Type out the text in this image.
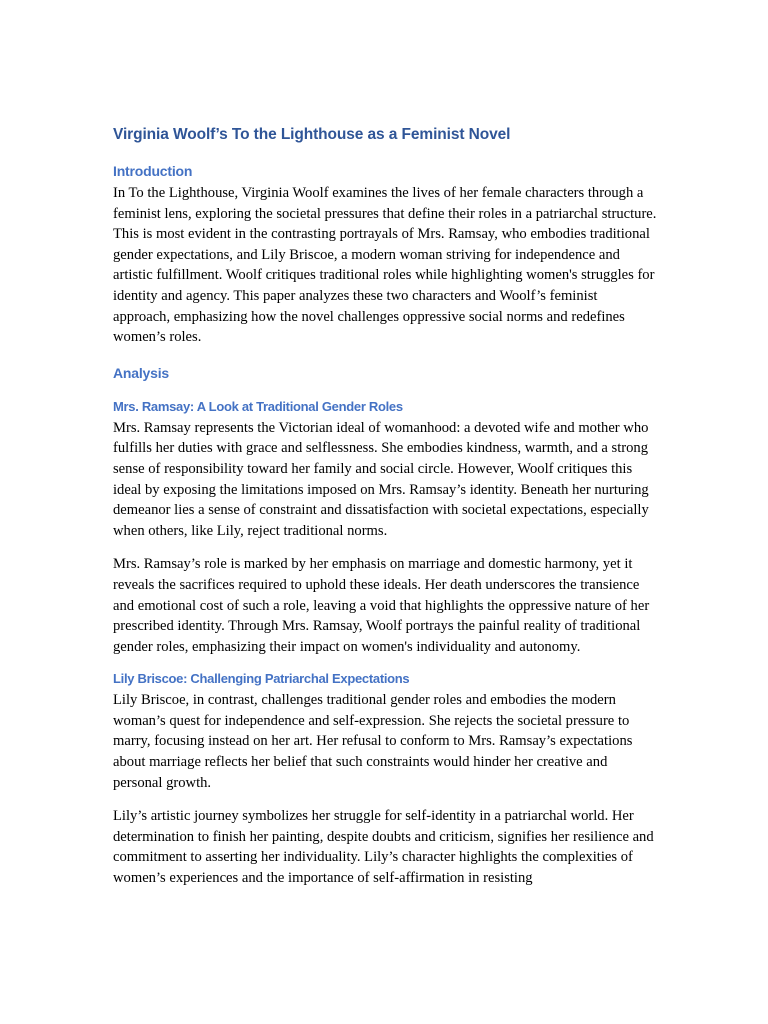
Virginia Woolf’s To the Lighthouse as a Feminist Novel
Introduction

In To the Lighthouse, Virginia Woolf examines the lives of her female characters through a feminist lens, exploring the societal pressures that define their roles in a patriarchal structure. This is most evident in the contrasting portrayals of Mrs. Ramsay, who embodies traditional gender expectations, and Lily Briscoe, a modern woman striving for independence and artistic fulfillment. Woolf critiques traditional roles while highlighting women's struggles for identity and agency. This paper analyzes these two characters and Woolf’s feminist approach, emphasizing how the novel challenges oppressive social norms and redefines women’s roles.

Analysis
Mrs. Ramsay: A Look at Traditional Gender Roles

Mrs. Ramsay represents the Victorian ideal of womanhood: a devoted wife and mother who fulfills her duties with grace and selflessness. She embodies kindness, warmth, and a strong sense of responsibility toward her family and social circle. However, Woolf critiques this ideal by exposing the limitations imposed on Mrs. Ramsay’s identity. Beneath her nurturing demeanor lies a sense of constraint and dissatisfaction with societal expectations, especially when others, like Lily, reject traditional norms.

Mrs. Ramsay’s role is marked by her emphasis on marriage and domestic harmony, yet it reveals the sacrifices required to uphold these ideals. Her death underscores the transience and emotional cost of such a role, leaving a void that highlights the oppressive nature of her prescribed identity. Through Mrs. Ramsay, Woolf portrays the painful reality of traditional gender roles, emphasizing their impact on women's individuality and autonomy.

Lily Briscoe: Challenging Patriarchal Expectations

Lily Briscoe, in contrast, challenges traditional gender roles and embodies the modern woman’s quest for independence and self-expression. She rejects the societal pressure to marry, focusing instead on her art. Her refusal to conform to Mrs. Ramsay’s expectations about marriage reflects her belief that such constraints would hinder her creative and personal growth.

Lily’s artistic journey symbolizes her struggle for self-identity in a patriarchal world. Her determination to finish her painting, despite doubts and criticism, signifies her resilience and commitment to asserting her individuality. Lily’s character highlights the complexities of women’s experiences and the importance of self-affirmation in resisting
